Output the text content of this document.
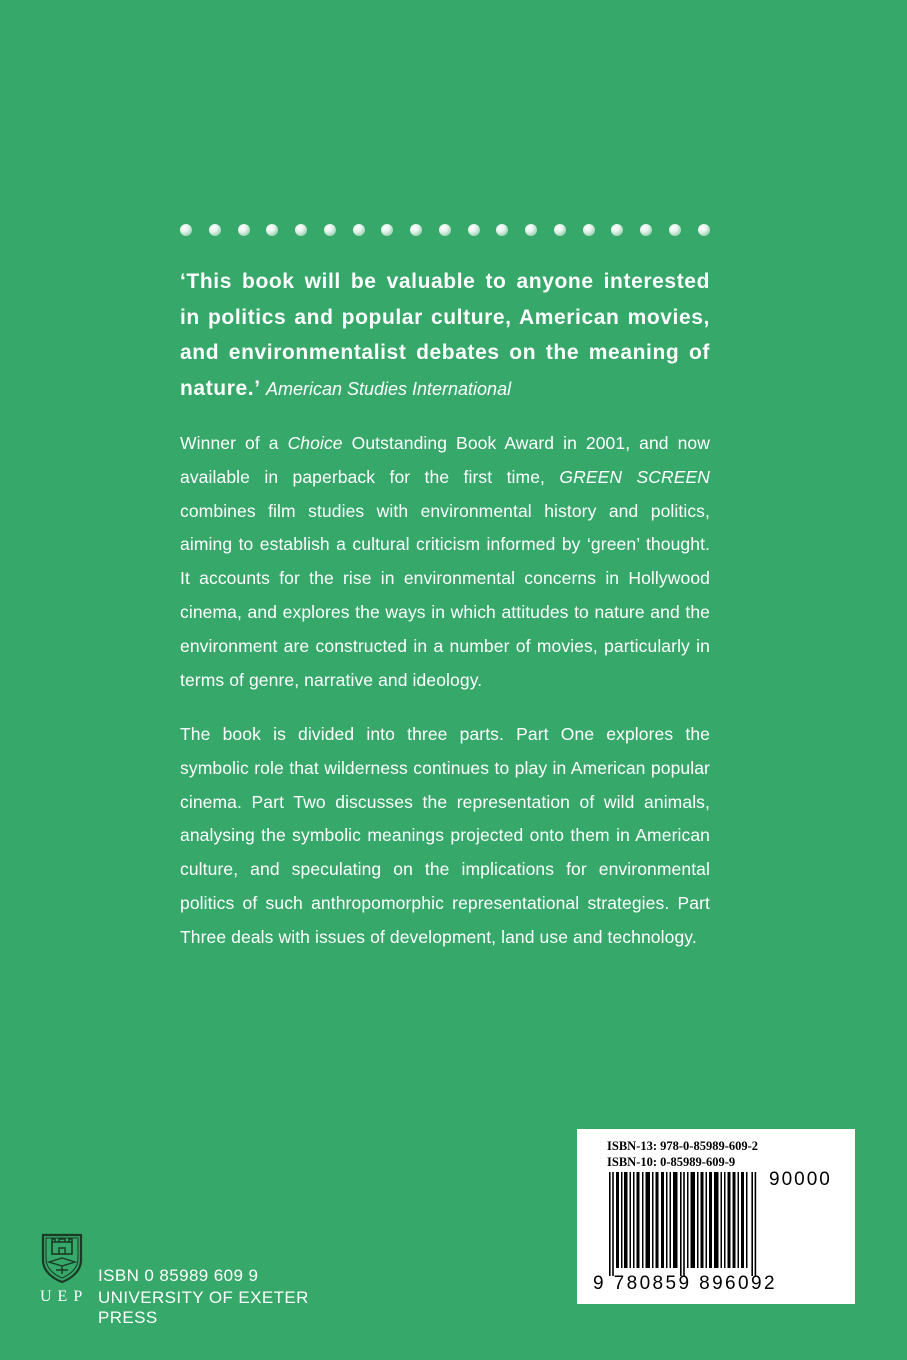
‘This book will be valuable to anyone interested in politics and popular culture, American movies, and environmentalist debates on the meaning of nature.’ American Studies International

Winner of a Choice Outstanding Book Award in 2001, and now available in paperback for the first time, GREEN SCREEN combines film studies with environmental history and politics, aiming to establish a cultural criticism informed by ‘green’ thought. It accounts for the rise in environmental concerns in Hollywood cinema, and explores the ways in which attitudes to nature and the environment are constructed in a number of movies, particularly in terms of genre, narrative and ideology.

The book is divided into three parts. Part One explores the symbolic role that wilderness continues to play in American popular cinema. Part Two discusses the representation of wild animals, analysing the symbolic meanings projected onto them in American culture, and speculating on the implications for environmental politics of such anthropomorphic representational strategies. Part Three deals with issues of development, land use and technology.

UEP

ISBN 0 85989 609 9

UNIVERSITY OF EXETER PRESS

ISBN-13: 978-0-85989-609-2

ISBN-10: 0-85989-609-9

90000

9 780859 896092
